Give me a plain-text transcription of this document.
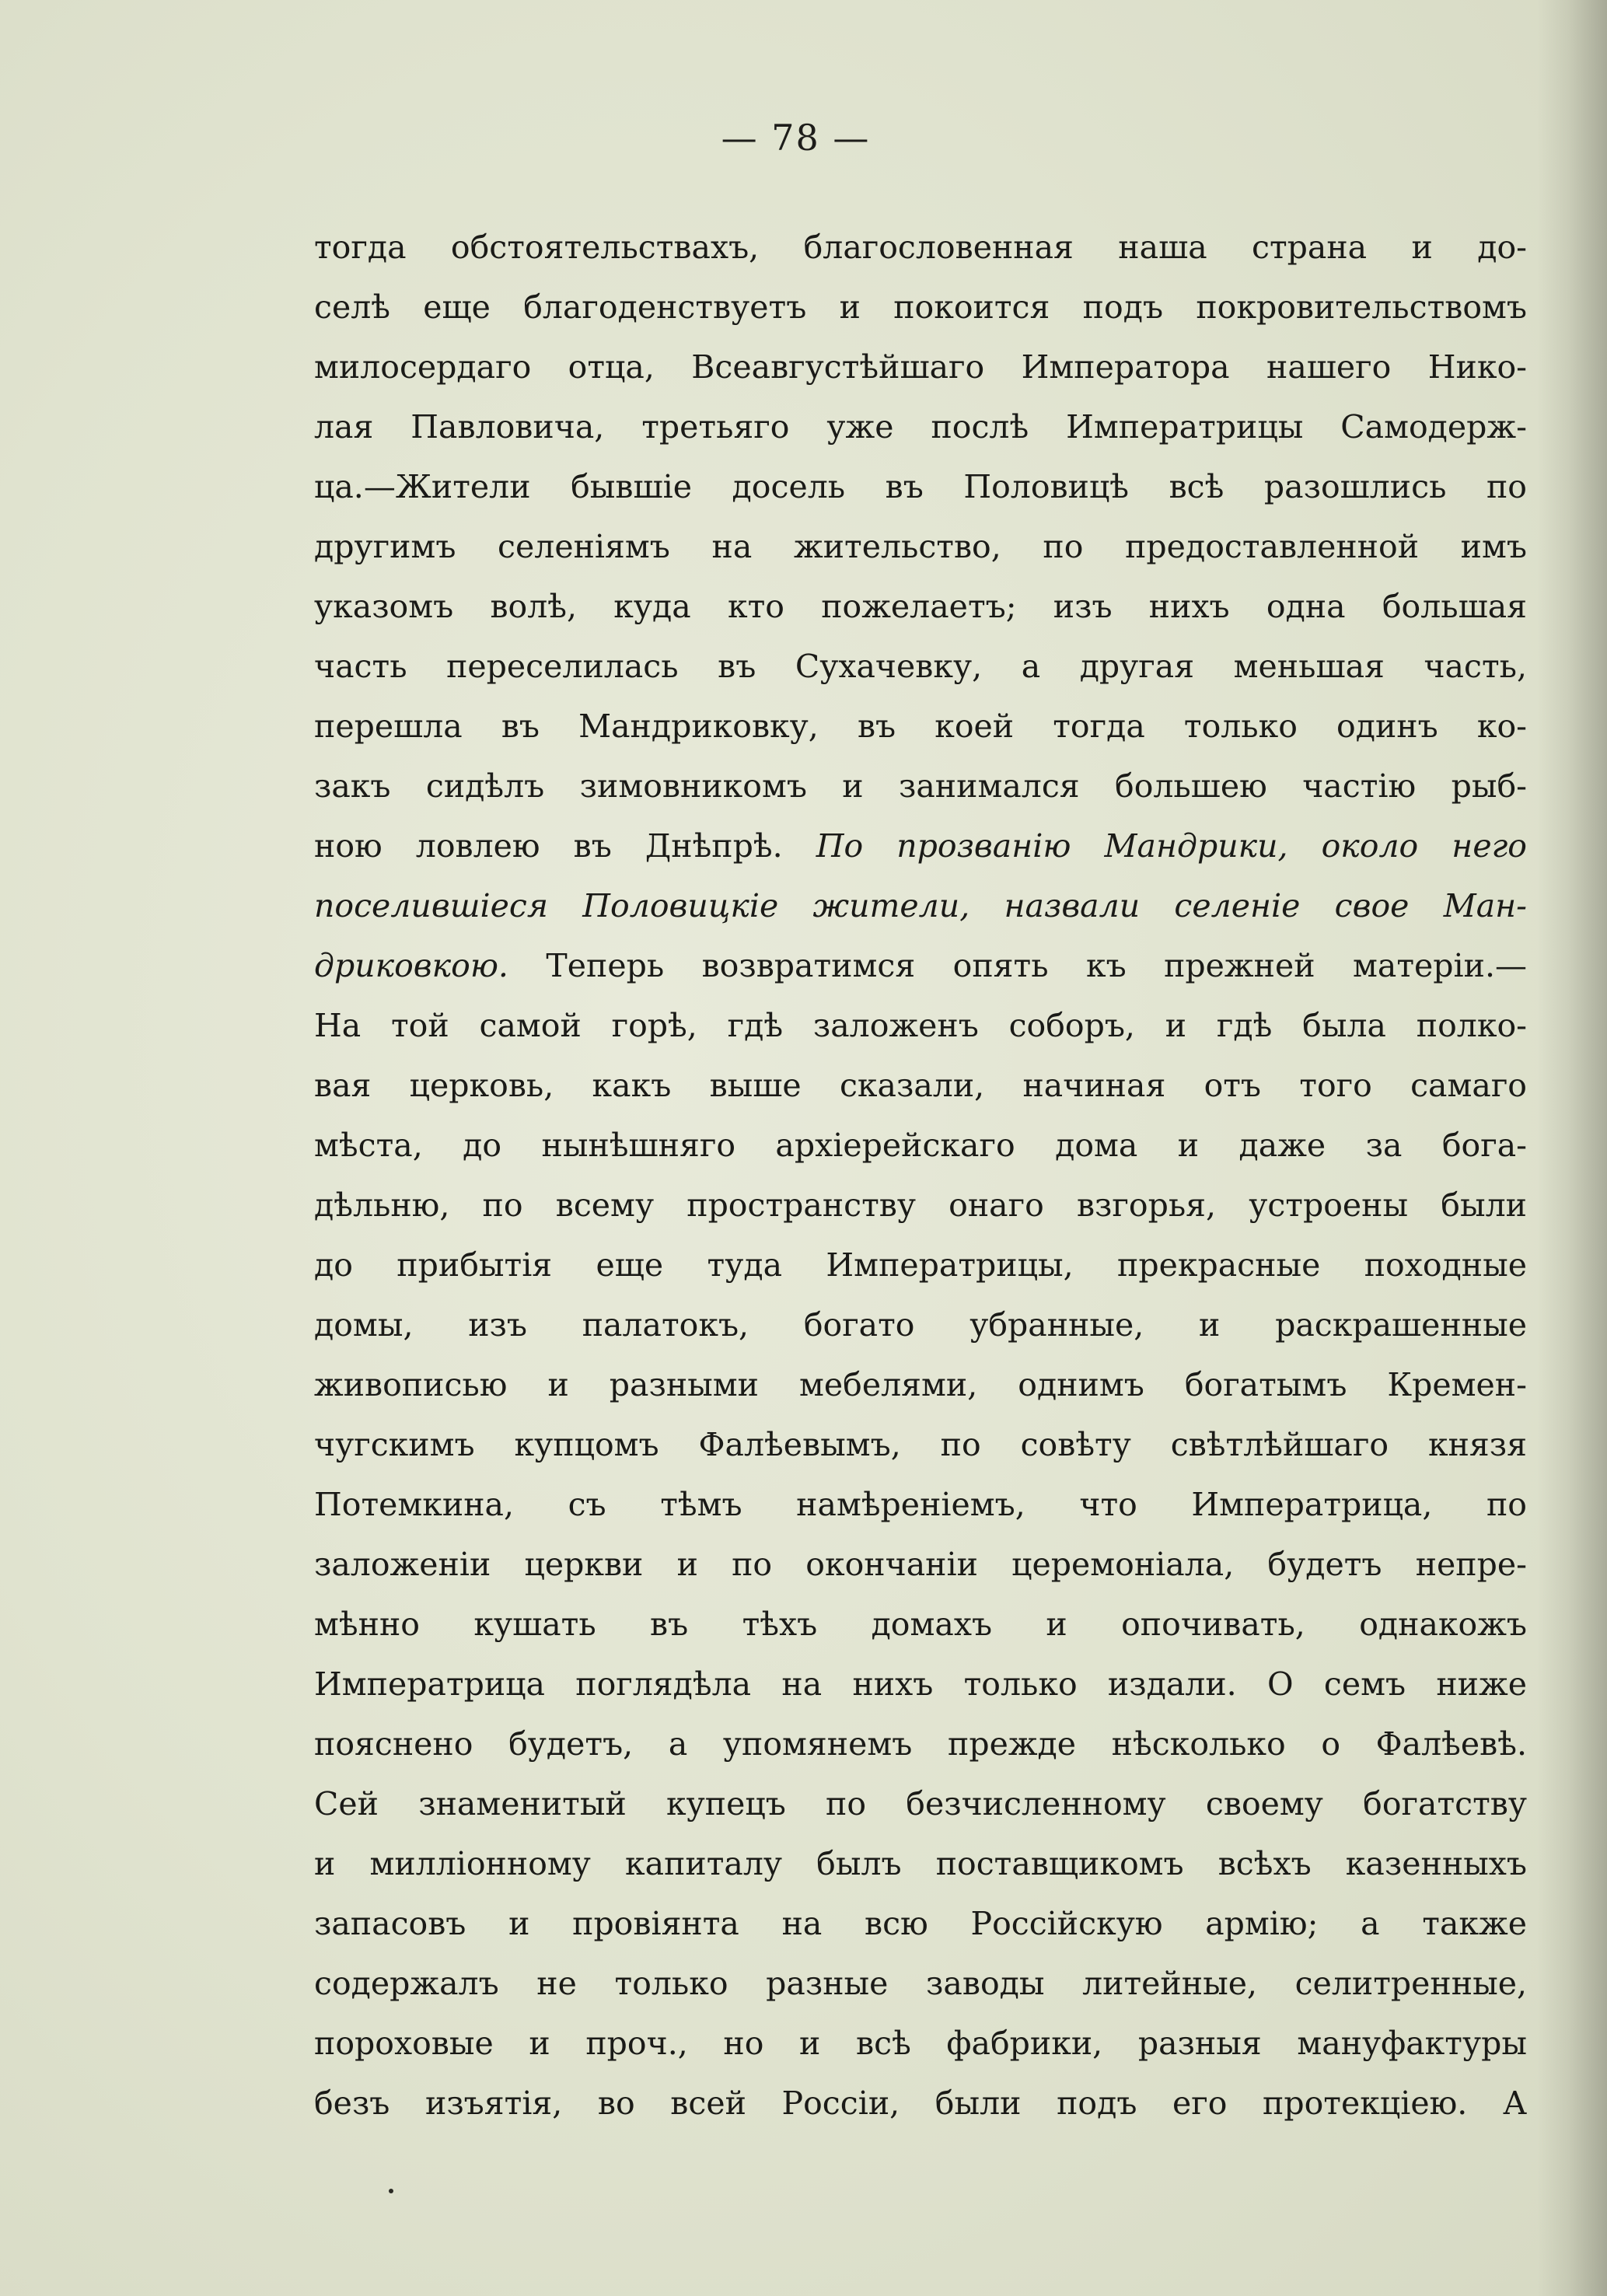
— 78 —
тогда обстоятельствахъ, благословенная наша страна и до-
селѣ еще благоденствуетъ и покоится подъ покровительствомъ
милосердаго отца, Всеавгустѣйшаго Императора нашего Нико-
лая Павловича, третьяго уже послѣ Императрицы Самодерж-
ца.—Жители бывшіе досель въ Половицѣ всѣ разошлись по
другимъ селеніямъ на жительство, по предоставленной имъ
указомъ волѣ, куда кто пожелаетъ; изъ нихъ одна большая
часть переселилась въ Сухачевку, а другая меньшая часть,
перешла въ Мандриковку, въ коей тогда только одинъ ко-
закъ сидѣлъ зимовникомъ и занимался большею частію рыб-
ною ловлею въ Днѣпрѣ. По прозванію Мандрики, около него
поселившіеся Половицкіе жители, назвали селеніе свое Ман-
дриковкою. Теперь возвратимся опять къ прежней матеріи.—
На той самой горѣ, гдѣ заложенъ соборъ, и гдѣ была полко-
вая церковь, какъ выше сказали, начиная отъ того самаго
мѣста, до нынѣшняго архіерейскаго дома и даже за бога-
дѣльню, по всему пространству онаго взгорья, устроены были
до прибытія еще туда Императрицы, прекрасные походные
домы, изъ палатокъ, богато убранные, и раскрашенные
живописью и разными мебелями, однимъ богатымъ Кремен-
чугскимъ купцомъ Фалѣевымъ, по совѣту свѣтлѣйшаго князя
Потемкина, съ тѣмъ намѣреніемъ, что Императрица, по
заложеніи церкви и по окончаніи церемоніала, будетъ непре-
мѣнно кушать въ тѣхъ домахъ и опочивать, однакожъ
Императрица поглядѣла на нихъ только издали. О семъ ниже
пояснено будетъ, а упомянемъ прежде нѣсколько о Фалѣевѣ.
Сей знаменитый купецъ по безчисленному своему богатству
и милліонному капиталу былъ поставщикомъ всѣхъ казенныхъ
запасовъ и провіянта на всю Россійскую армію; а также
содержалъ не только разные заводы литейные, селитренные,
пороховые и проч., но и всѣ фабрики, разныя мануфактуры
безъ изъятія, во всей Россіи, были подъ его протекціею. А
